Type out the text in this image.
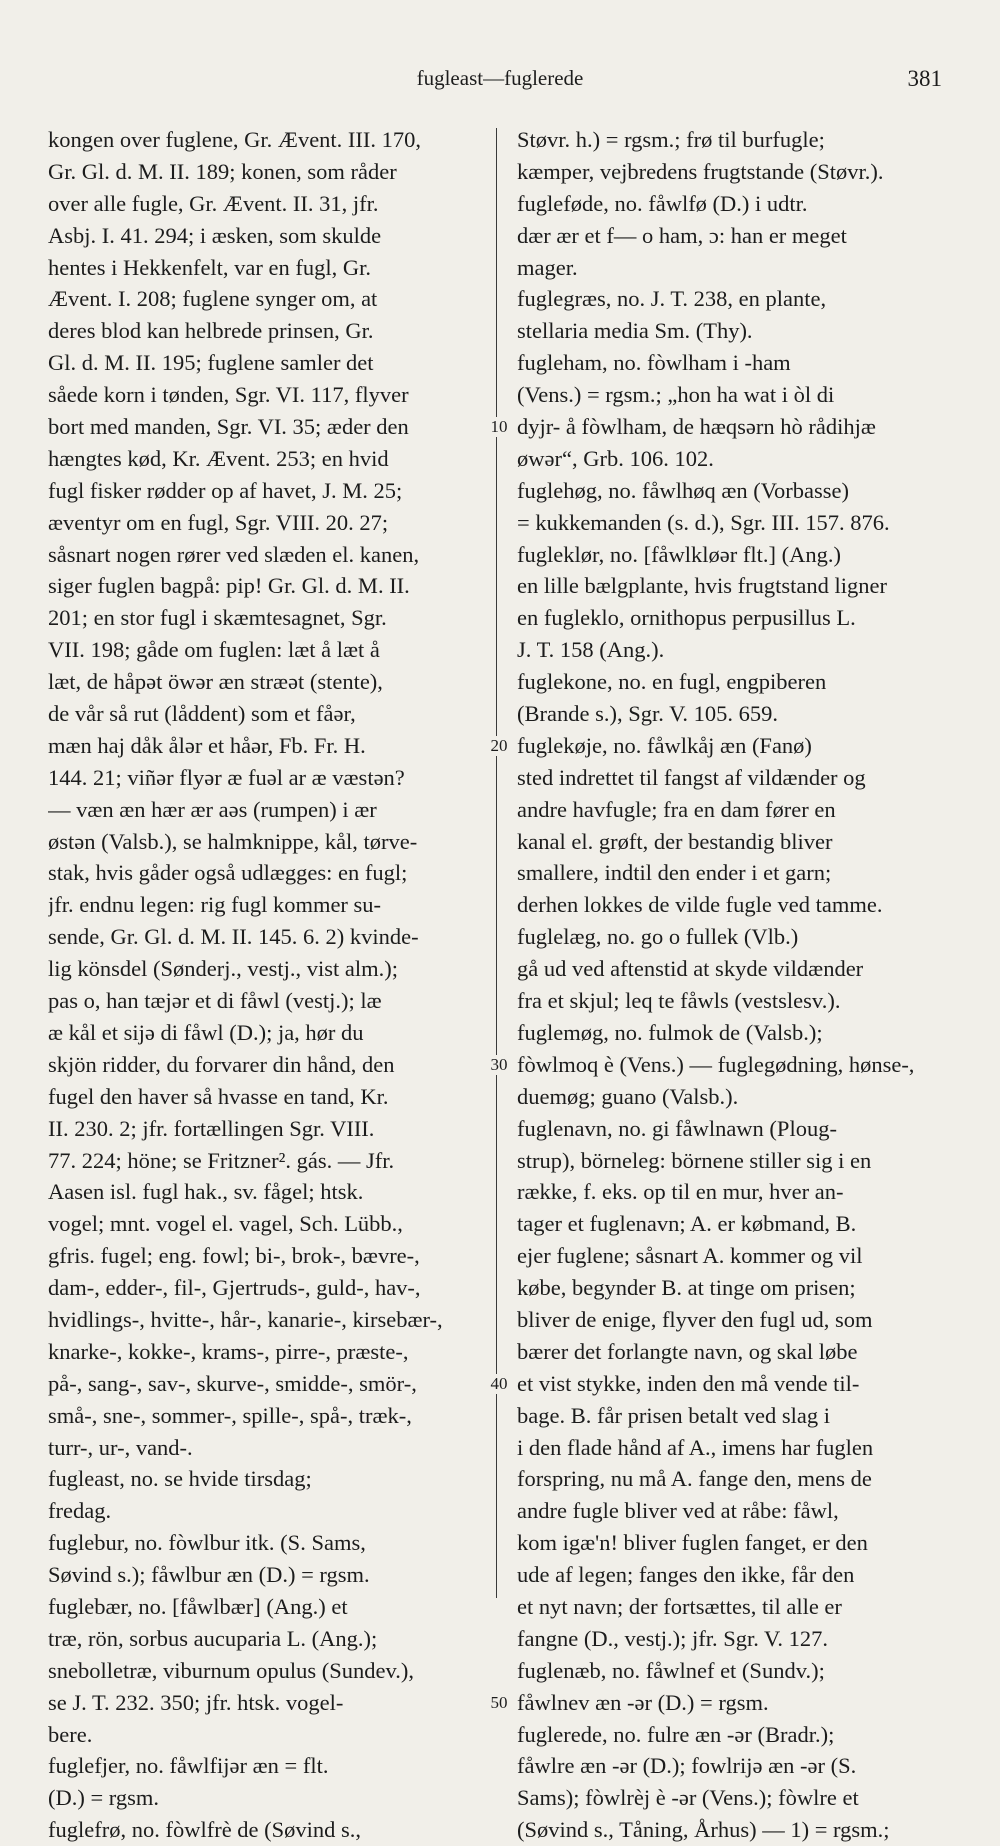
fugleast—fuglerede	381
kongen over fuglene, Gr. Ævent. III. 170,
Gr. Gl. d. M. II. 189; konen, som råder
over alle fugle, Gr. Ævent. II. 31, jfr.
Asbj. I. 41. 294; i æsken, som skulde
hentes i Hekkenfelt, var en fugl, Gr.
Ævent. I. 208; fuglene synger om, at
deres blod kan helbrede prinsen, Gr.
Gl. d. M. II. 195; fuglene samler det
såede korn i tønden, Sgr. VI. 117, flyver
bort med manden, Sgr. VI. 35; æder den
hængtes kød, Kr. Ævent. 253; en hvid
fugl fisker rødder op af havet, J. M. 25;
æventyr om en fugl, Sgr. VIII. 20. 27;
såsnart nogen rører ved slæden el. kanen,
siger fuglen bagpå: pip! Gr. Gl. d. M. II.
201; en stor fugl i skæmtesagnet, Sgr.
VII. 198; gåde om fuglen: læt å læt å
læt, de håpət öwər æn stræət (stente),
de vår så rut (låddent) som et fåər,
mæn haj dåk ålər et håər, Fb. Fr. H.
144. 21; viñər flyər æ fuəl ar æ væstən?
— væn æn hær ær aəs (rumpen) i ær
østən (Valsb.), se halmknippe, kål, tørve-
stak, hvis gåder også udlægges: en fugl;
jfr. endnu legen: rig fugl kommer su-
sende, Gr. Gl. d. M. II. 145. 6. 2) kvinde-
lig könsdel (Sønderj., vestj., vist alm.);
pas o, han tæjər et di fåwl (vestj.); læ
æ kål et sijə di fåwl (D.); ja, hør du
skjön ridder, du forvarer din hånd, den
fugel den haver så hvasse en tand, Kr.
II. 230. 2; jfr. fortællingen Sgr. VIII.
77. 224; höne; se Fritzner². gás. — Jfr.
Aasen isl. fugl hak., sv. fågel; htsk.
vogel; mnt. vogel el. vagel, Sch. Lübb.,
gfris. fugel; eng. fowl; bi-, brok-, bævre-,
dam-, edder-, fil-, Gjertruds-, guld-, hav-,
hvidlings-, hvitte-, hår-, kanarie-, kirsebær-,
knarke-, kokke-, krams-, pirre-, præste-,
på-, sang-, sav-, skurve-, smidde-, smör-,
små-, sne-, sommer-, spille-, spå-, træk-,
turr-, ur-, vand-.
fugleast, no. se hvide tirsdag;
fredag.
fuglebur, no. fòwlbur itk. (S. Sams,
Søvind s.); fåwlbur æn (D.) = rgsm.
fuglebær, no. [fåwlbær] (Ang.) et
træ, rön, sorbus aucuparia L. (Ang.);
snebolletræ, viburnum opulus (Sundev.),
se J. T. 232. 350; jfr. htsk. vogel-
bere.
fuglefjer, no. fåwlfijər æn = flt.
(D.) = rgsm.
fuglefrø, no. fòwlfrè de (Søvind s.,
Støvr. h.) = rgsm.; frø til burfugle;
kæmper, vejbredens frugtstande (Støvr.).
fugleføde, no. fåwlfø (D.) i udtr.
dær ær et f— o ham, ɔ: han er meget
mager.
fuglegræs, no. J. T. 238, en plante,
stellaria media Sm. (Thy).
fugleham, no. fòwlham i -ham
(Vens.) = rgsm.; „hon ha wat i òl di
dyjr- å fòwlham, de hæqsərn hò rådihjæ
øwər“, Grb. 106. 102.
fuglehøg, no. fåwlhøq æn (Vorbasse)
= kukkemanden (s. d.), Sgr. III. 157. 876.
fugleklør, no. [fåwlkløər flt.] (Ang.)
en lille bælgplante, hvis frugtstand ligner
en fugleklo, ornithopus perpusillus L.
J. T. 158 (Ang.).
fuglekone, no. en fugl, engpiberen
(Brande s.), Sgr. V. 105. 659.
fuglekøje, no. fåwlkåj æn (Fanø)
sted indrettet til fangst af vildænder og
andre havfugle; fra en dam fører en
kanal el. grøft, der bestandig bliver
smallere, indtil den ender i et garn;
derhen lokkes de vilde fugle ved tamme.
fuglelæg, no. go o fullek (Vlb.)
gå ud ved aftenstid at skyde vildænder
fra et skjul; leq te fåwls (vestslesv.).
fuglemøg, no. fulmok de (Valsb.);
fòwlmoq è (Vens.) — fuglegødning, hønse-,
duemøg; guano (Valsb.).
fuglenavn, no. gi fåwlnawn (Ploug-
strup), börneleg: börnene stiller sig i en
række, f. eks. op til en mur, hver an-
tager et fuglenavn; A. er købmand, B.
ejer fuglene; såsnart A. kommer og vil
købe, begynder B. at tinge om prisen;
bliver de enige, flyver den fugl ud, som
bærer det forlangte navn, og skal løbe
et vist stykke, inden den må vende til-
bage. B. får prisen betalt ved slag i
i den flade hånd af A., imens har fuglen
forspring, nu må A. fange den, mens de
andre fugle bliver ved at råbe: fåwl,
kom igæ'n! bliver fuglen fanget, er den
ude af legen; fanges den ikke, får den
et nyt navn; der fortsættes, til alle er
fangne (D., vestj.); jfr. Sgr. V. 127.
fuglenæb, no. fåwlnef et (Sundv.);
fåwlnev æn -ər (D.) = rgsm.
fuglerede, no. fulre æn -ər (Bradr.);
fåwlre æn -ər (D.); fowlrijə æn -ər (S.
Sams); fòwlrèj è -ər (Vens.); fòwlre et
(Søvind s., Tåning, Århus) — 1) = rgsm.;
10
20
30
40
50
